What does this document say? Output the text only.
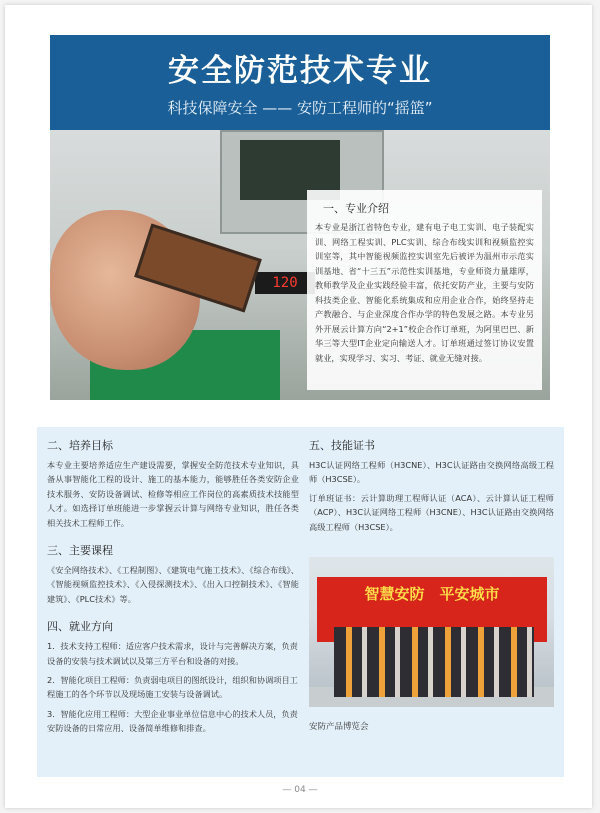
安全防范技术专业
科技保障安全 —— 安防工程师的“摇篮”
120
一、专业介绍
本专业是浙江省特色专业，建有电子电工实训、电子装配实训、网络工程实训、PLC实训、综合布线实训和视频监控实训室等，其中智能视频监控实训室先后被评为温州市示范实训基地、省“十三五”示范性实训基地，专业师资力量雄厚，教师教学及企业实践经验丰富，依托安防产业，主要与安防科技类企业、智能化系统集成和应用企业合作，始终坚持走产教融合、与企业深度合作办学的特色发展之路。本专业另外开展云计算方向“2+1”校企合作订单班，为阿里巴巴、新华三等大型IT企业定向输送人才。订单班通过签订协议安置就业，实现学习、实习、考证、就业无缝对接。
二、培养目标
本专业主要培养适应生产建设需要，掌握安全防范技术专业知识，具备从事智能化工程的设计、施工的基本能力，能够胜任各类安防企业技术服务、安防设备调试、检修等相应工作岗位的高素质技术技能型人才。如选择订单班能进一步掌握云计算与网络专业知识，胜任各类相关技术工程师工作。
三、主要课程
《安全网络技术》、《工程制图》、《建筑电气施工技术》、《综合布线》、《智能视频监控技术》、《入侵探测技术》、《出入口控制技术》、《智能建筑》、《PLC技术》等。
四、就业方向
1．技术支持工程师：适应客户技术需求，设计与完善解决方案，负责设备的安装与技术调试以及第三方平台和设备的对接。
2．智能化项目工程师：负责弱电项目的图纸设计，组织和协调项目工程施工的各个环节以及现场施工安装与设备调试。
3．智能化应用工程师：大型企业事业单位信息中心的技术人员，负责安防设备的日常应用、设备简单维修和排查。
五、技能证书
H3C认证网络工程师（H3CNE）、H3C认证路由交换网络高级工程师（H3CSE）。
订单班证书：云计算助理工程师认证（ACA）、云计算认证工程师（ACP）、H3C认证网络工程师（H3CNE）、H3C认证路由交换网络高级工程师（H3CSE）。
智慧安防　平安城市
安防产品博览会
— 04 —
